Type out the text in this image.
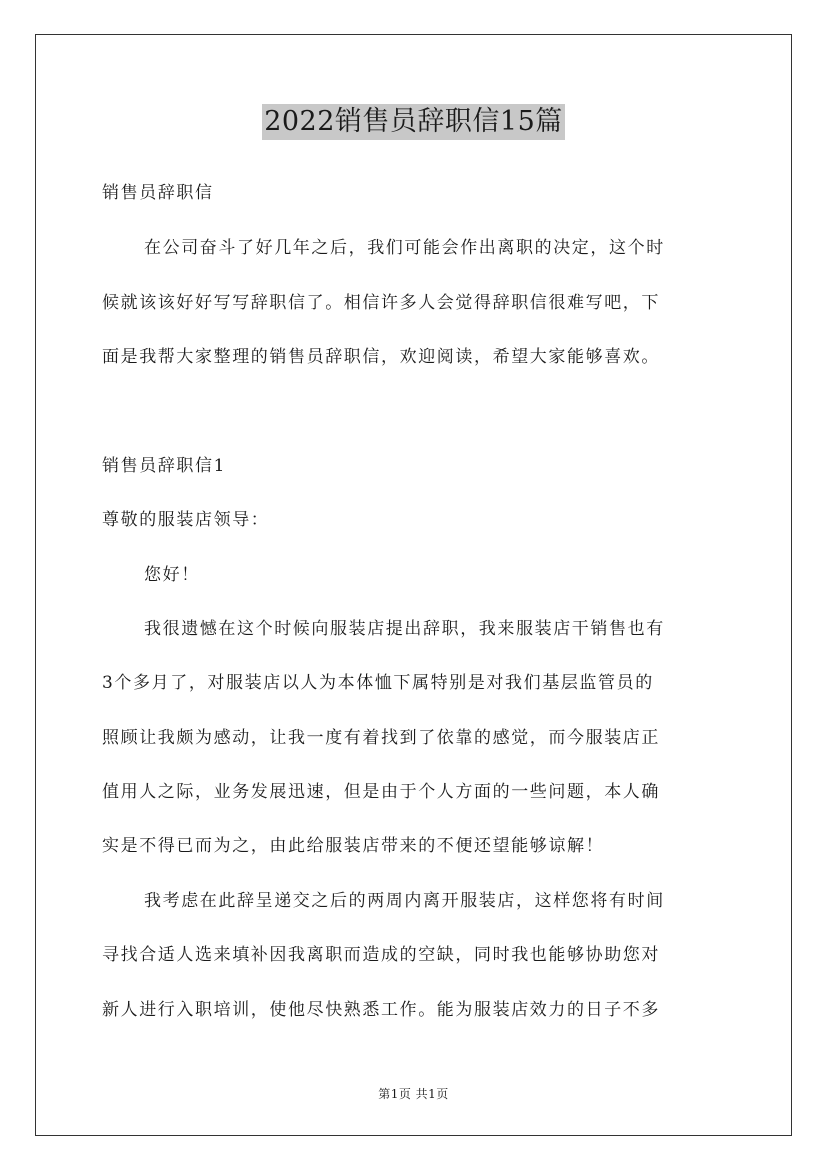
2022销售员辞职信15篇
销售员辞职信
在公司奋斗了好几年之后，我们可能会作出离职的决定，这个时
候就该该好好写写辞职信了。相信许多人会觉得辞职信很难写吧，下
面是我帮大家整理的销售员辞职信，欢迎阅读，希望大家能够喜欢。
销售员辞职信1
尊敬的服装店领导：
您好！
我很遗憾在这个时候向服装店提出辞职，我来服装店干销售也有
3个多月了，对服装店以人为本体恤下属特别是对我们基层监管员的
照顾让我颇为感动，让我一度有着找到了依靠的感觉，而今服装店正
值用人之际，业务发展迅速，但是由于个人方面的一些问题，本人确
实是不得已而为之，由此给服装店带来的不便还望能够谅解！
我考虑在此辞呈递交之后的两周内离开服装店，这样您将有时间
寻找合适人选来填补因我离职而造成的空缺，同时我也能够协助您对
新人进行入职培训，使他尽快熟悉工作。能为服装店效力的日子不多
第1页 共1页
